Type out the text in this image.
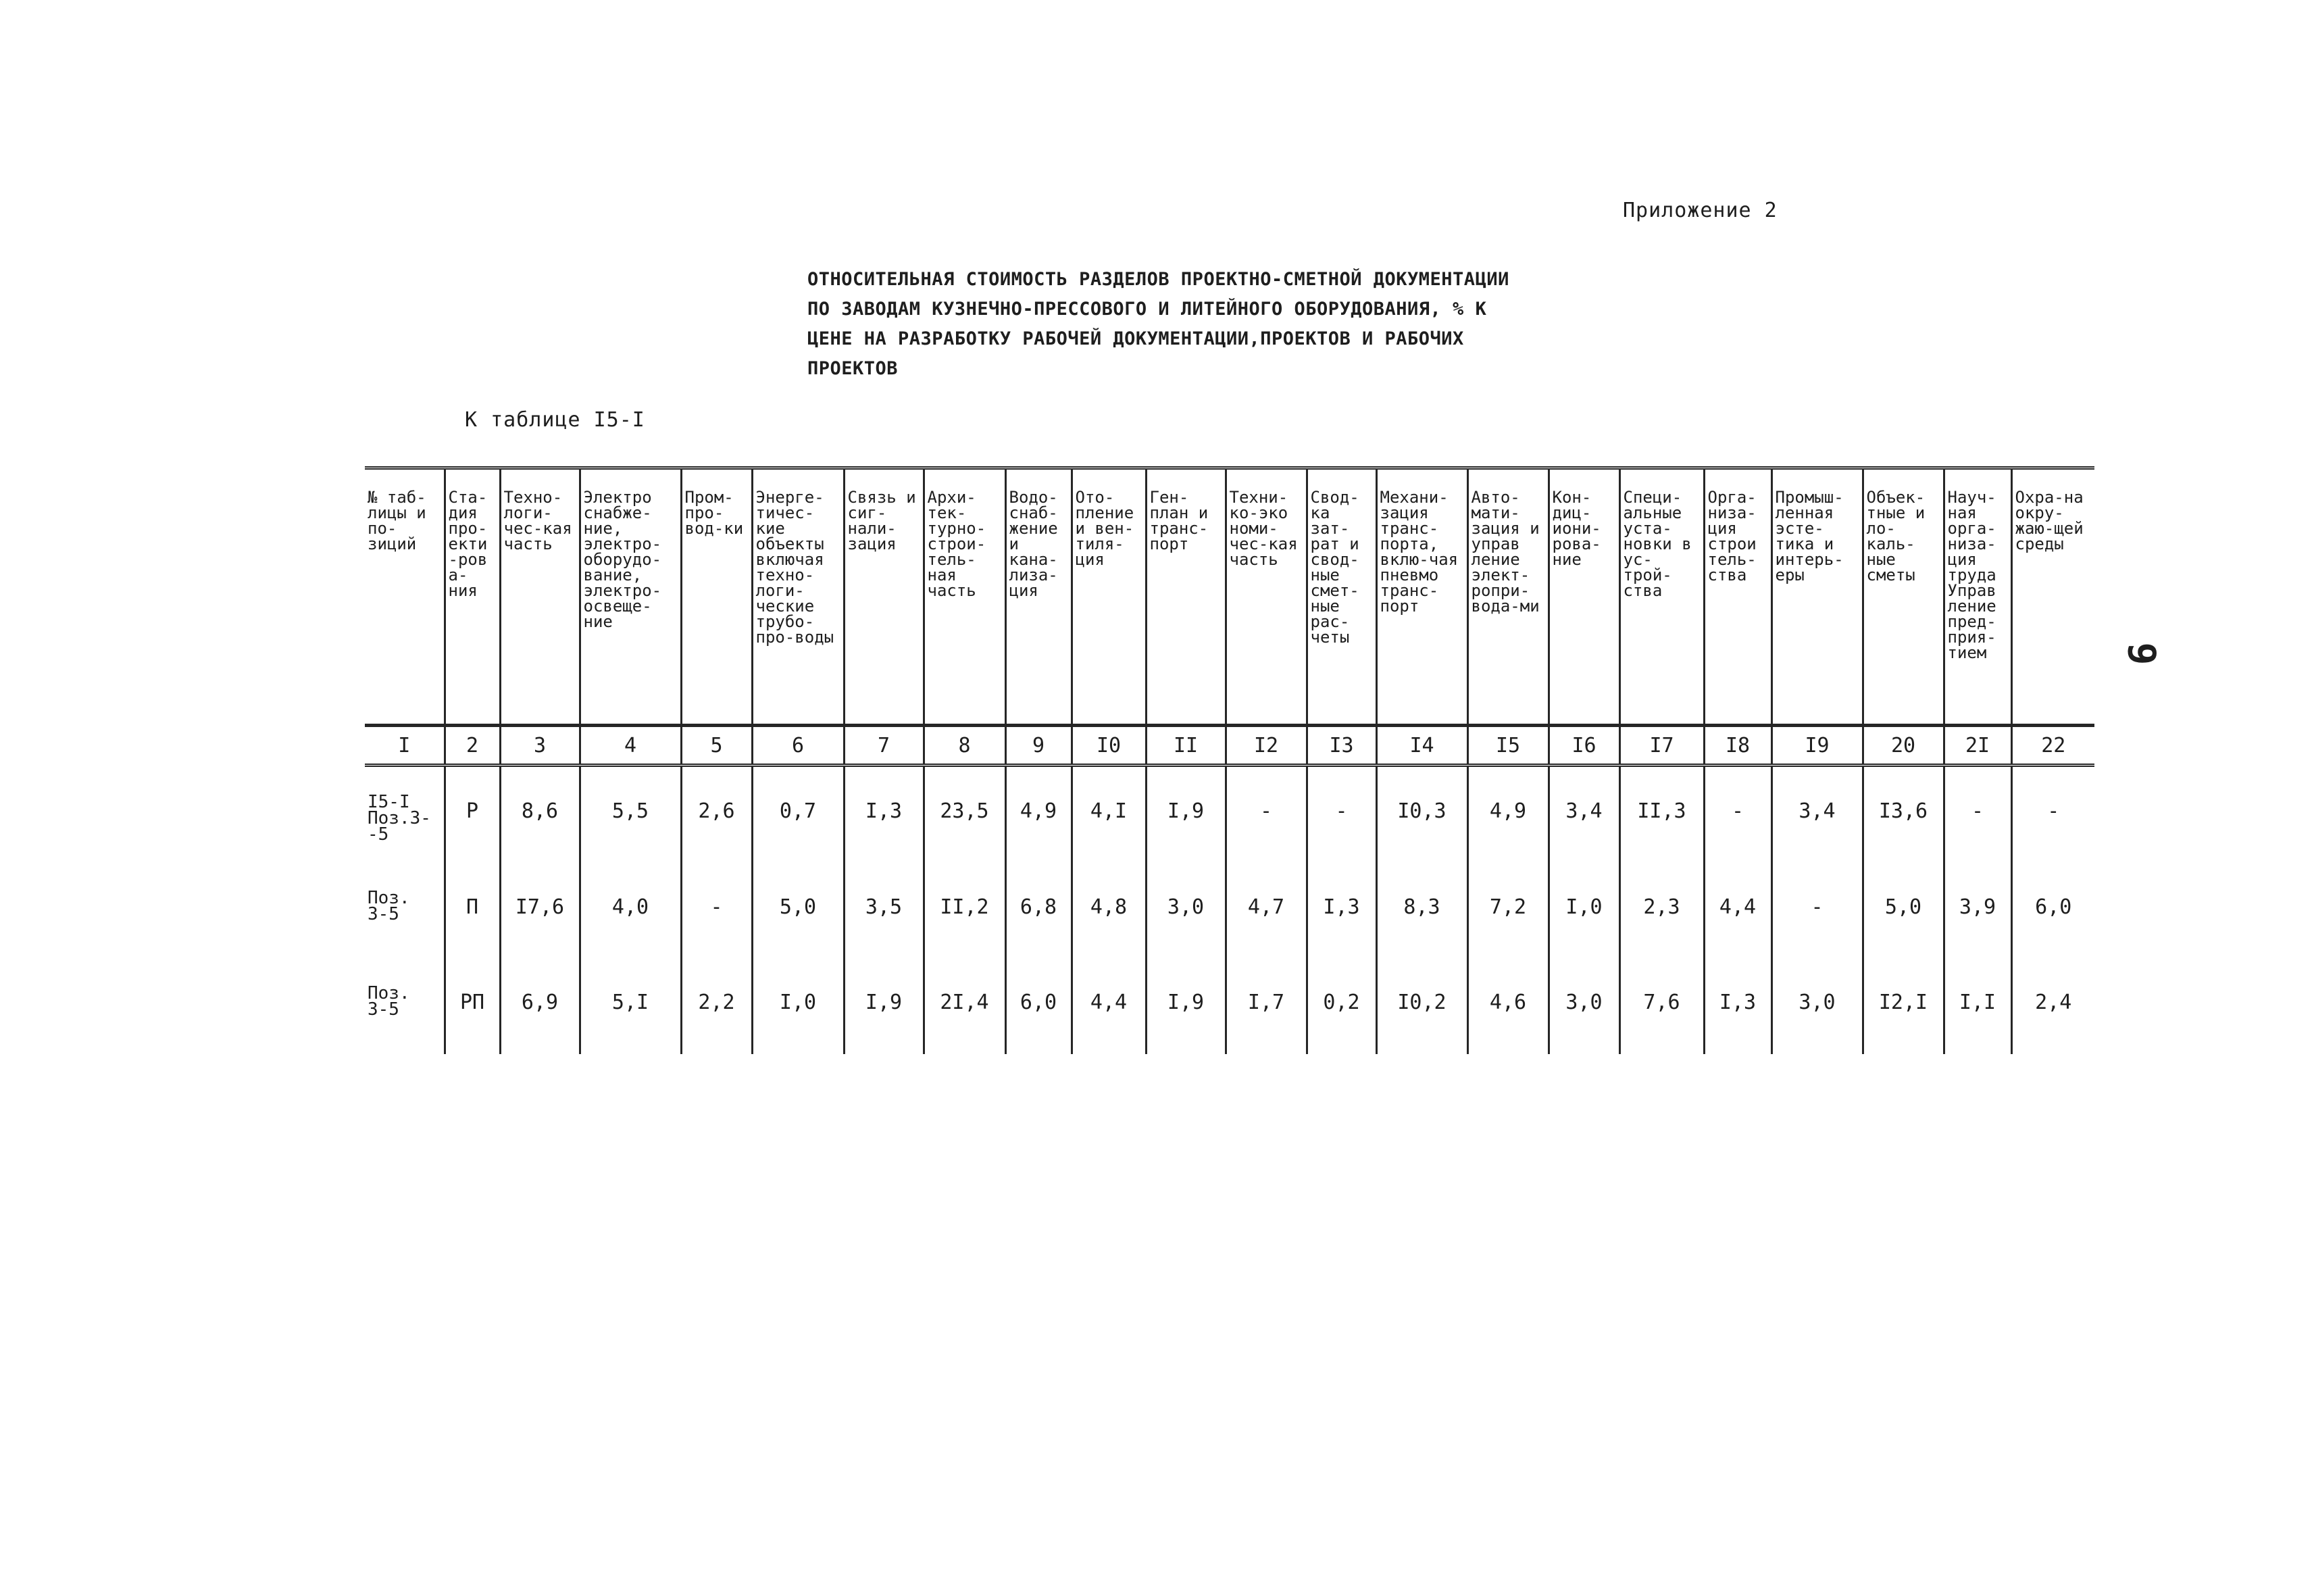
Приложение 2
ОТНОСИТЕЛЬНАЯ СТОИМОСТЬ РАЗДЕЛОВ ПРОЕКТНО-СМЕТНОЙ ДОКУМЕНТАЦИИ
ПО ЗАВОДАМ КУЗНЕЧНО-ПРЕССОВОГО И ЛИТЕЙНОГО ОБОРУДОВАНИЯ, % К
ЦЕНЕ НА РАЗРАБОТКУ РАБОЧЕЙ ДОКУМЕНТАЦИИ,ПРОЕКТОВ И РАБОЧИХ
ПРОЕКТОВ
К таблице I5-I
9
№ таб-лицы и по-зиций	Ста-дия про-екти-рова-ния	Техно-логи-чес-кая часть	Электро снабже-ние, электро-оборудо-вание, электро-освеще-ние	Пром-про-вод-ки	Энерге-тичес-кие объекты включая техно-логи-ческие трубо-про-воды	Связь и сиг-нали-зация	Архи-тек-турно-строи-тель-ная часть	Водо-снаб-жение и кана-лиза-ция	Ото-пление и вен-тиля-ция	Ген-план и транс-порт	Техни-ко-эко номи-чес-кая часть	Свод-ка зат-рат и свод-ные смет-ные рас-четы	Механи-зация транс-порта, вклю-чая пневмо транс-порт	Авто-мати-зация и управ ление элект-ропри-вода-ми	Кон-диц-иони-рова-ние	Специ-альные уста-новки в ус-трой-ства	Орга-низа-ция строи тель-ства	Промыш-ленная эсте-тика и интерь-еры	Объек-тные и ло-каль-ные сметы	Науч-ная орга-низа-ция труда Управ ление пред-прия-тием	Охра-на окру-жаю-щей среды
I	2	3	4	5	6	7	8	9	I0	II	I2	I3	I4	I5	I6	I7	I8	I9	20	2I	22
I5-I Поз.3--5	Р	8,6	5,5	2,6	0,7	I,3	23,5	4,9	4,I	I,9	-	-	I0,3	4,9	3,4	II,3	-	3,4	I3,6	-	-
Поз. 3-5	П	I7,6	4,0	-	5,0	3,5	II,2	6,8	4,8	3,0	4,7	I,3	8,3	7,2	I,0	2,3	4,4	-	5,0	3,9	6,0
Поз. 3-5	РП	6,9	5,I	2,2	I,0	I,9	2I,4	6,0	4,4	I,9	I,7	0,2	I0,2	4,6	3,0	7,6	I,3	3,0	I2,I	I,I	2,4
